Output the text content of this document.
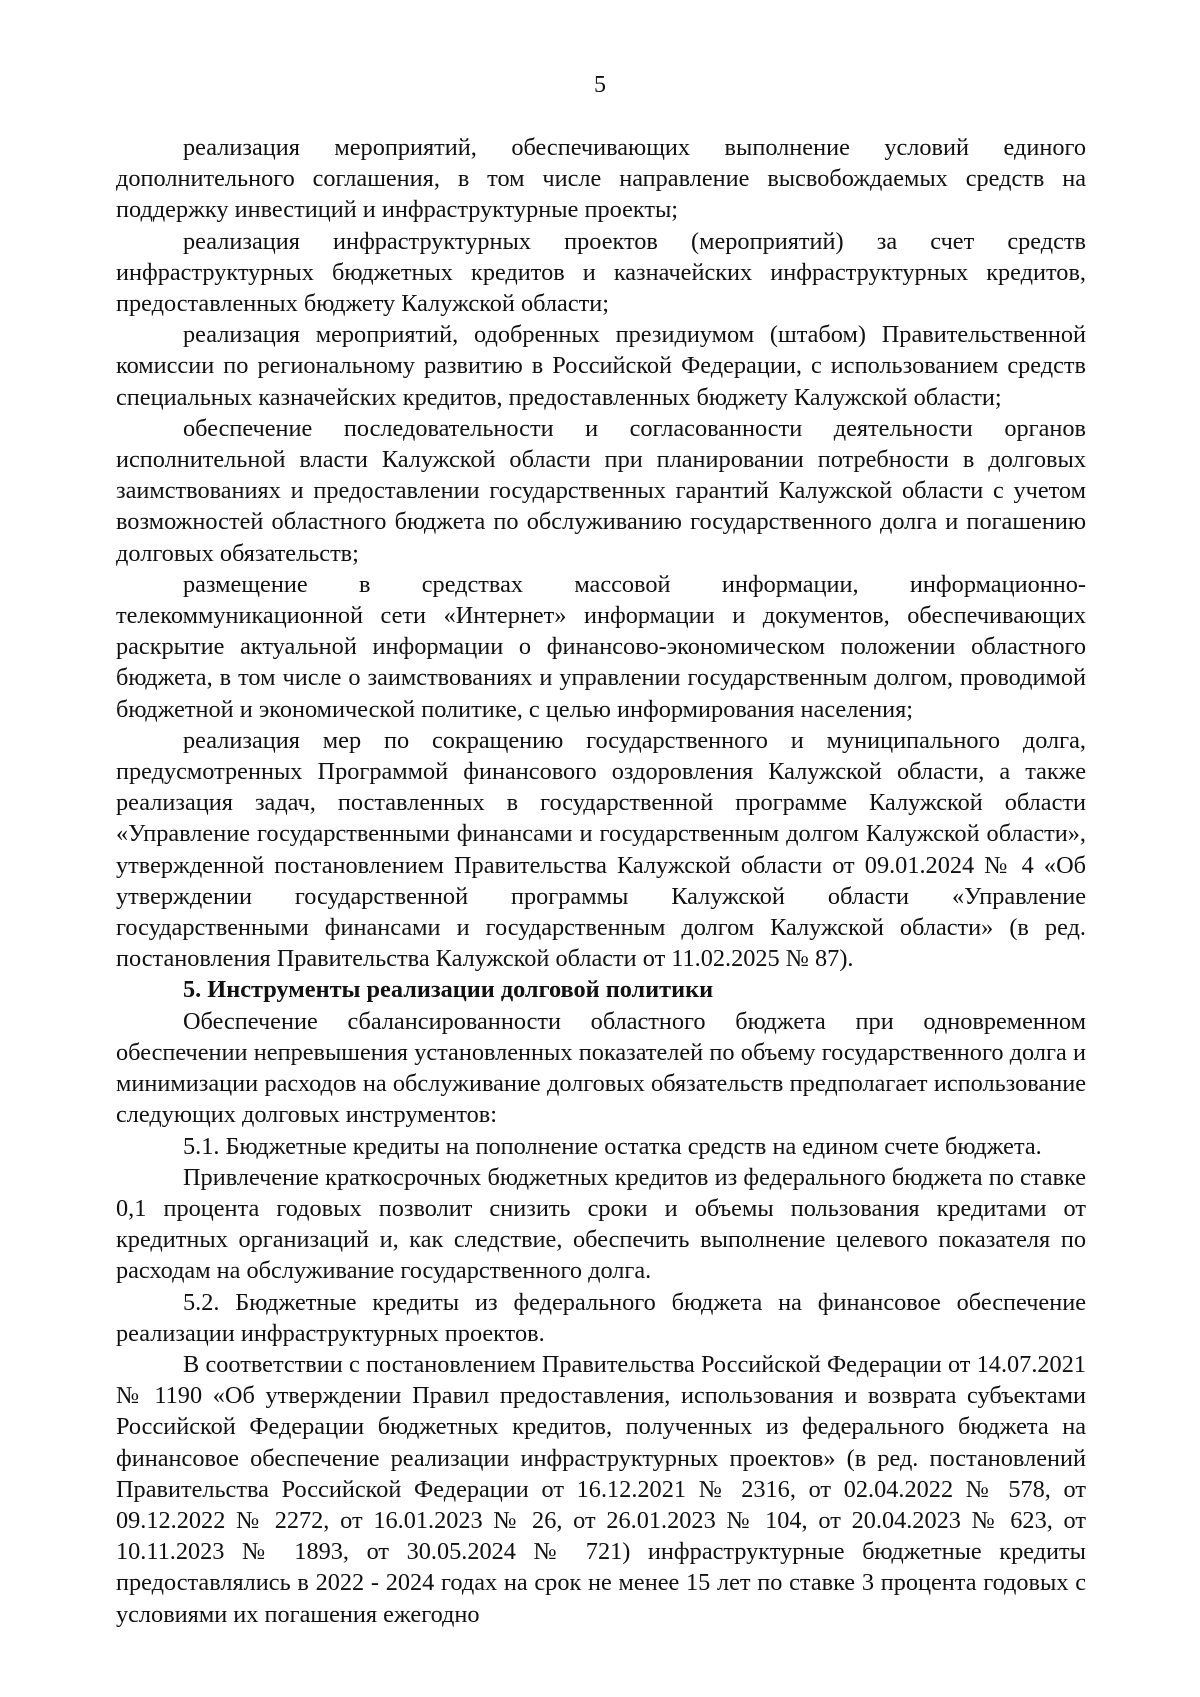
5

реализация мероприятий, обеспечивающих выполнение условий единого дополнительного соглашения, в том числе направление высвобождаемых средств на поддержку инвестиций и инфраструктурные проекты;

реализация инфраструктурных проектов (мероприятий) за счет средств инфраструктурных бюджетных кредитов и казначейских инфраструктурных кредитов, предоставленных бюджету Калужской области;

реализация мероприятий, одобренных президиумом (штабом) Правительственной комиссии по региональному развитию в Российской Федерации, с использованием средств специальных казначейских кредитов, предоставленных бюджету Калужской области;

обеспечение последовательности и согласованности деятельности органов исполнительной власти Калужской области при планировании потребности в долговых заимствованиях и предоставлении государственных гарантий Калужской области с учетом возможностей областного бюджета по обслуживанию государственного долга и погашению долговых обязательств;

размещение в средствах массовой информации, информационно-телекоммуникационной сети «Интернет» информации и документов, обеспечивающих раскрытие актуальной информации о финансово-экономическом положении областного бюджета, в том числе о заимствованиях и управлении государственным долгом, проводимой бюджетной и экономической политике, с целью информирования населения;

реализация мер по сокращению государственного и муниципального долга, предусмотренных Программой финансового оздоровления Калужской области, а также реализация задач, поставленных в государственной программе Калужской области «Управление государственными финансами и государственным долгом Калужской области», утвержденной постановлением Правительства Калужской области от 09.01.2024 № 4 «Об утверждении государственной программы Калужской области «Управление государственными финансами и государственным долгом Калужской области» (в ред. постановления Правительства Калужской области от 11.02.2025 № 87).

5. Инструменты реализации долговой политики

Обеспечение сбалансированности областного бюджета при одновременном обеспечении непревышения установленных показателей по объему государственного долга и минимизации расходов на обслуживание долговых обязательств предполагает использование следующих долговых инструментов:

5.1. Бюджетные кредиты на пополнение остатка средств на едином счете бюджета.

Привлечение краткосрочных бюджетных кредитов из федерального бюджета по ставке 0,1 процента годовых позволит снизить сроки и объемы пользования кредитами от кредитных организаций и, как следствие, обеспечить выполнение целевого показателя по расходам на обслуживание государственного долга.

5.2. Бюджетные кредиты из федерального бюджета на финансовое обеспечение реализации инфраструктурных проектов.

В соответствии с постановлением Правительства Российской Федерации от 14.07.2021 № 1190 «Об утверждении Правил предоставления, использования и возврата субъектами Российской Федерации бюджетных кредитов, полученных из федерального бюджета на финансовое обеспечение реализации инфраструктурных проектов» (в ред. постановлений Правительства Российской Федерации от 16.12.2021 № 2316, от 02.04.2022 № 578, от 09.12.2022 № 2272, от 16.01.2023 № 26, от 26.01.2023 № 104, от 20.04.2023 № 623, от 10.11.2023 № 1893, от 30.05.2024 № 721) инфраструктурные бюджетные кредиты предоставлялись в 2022 - 2024 годах на срок не менее 15 лет по ставке 3 процента годовых с условиями их погашения ежегодно
